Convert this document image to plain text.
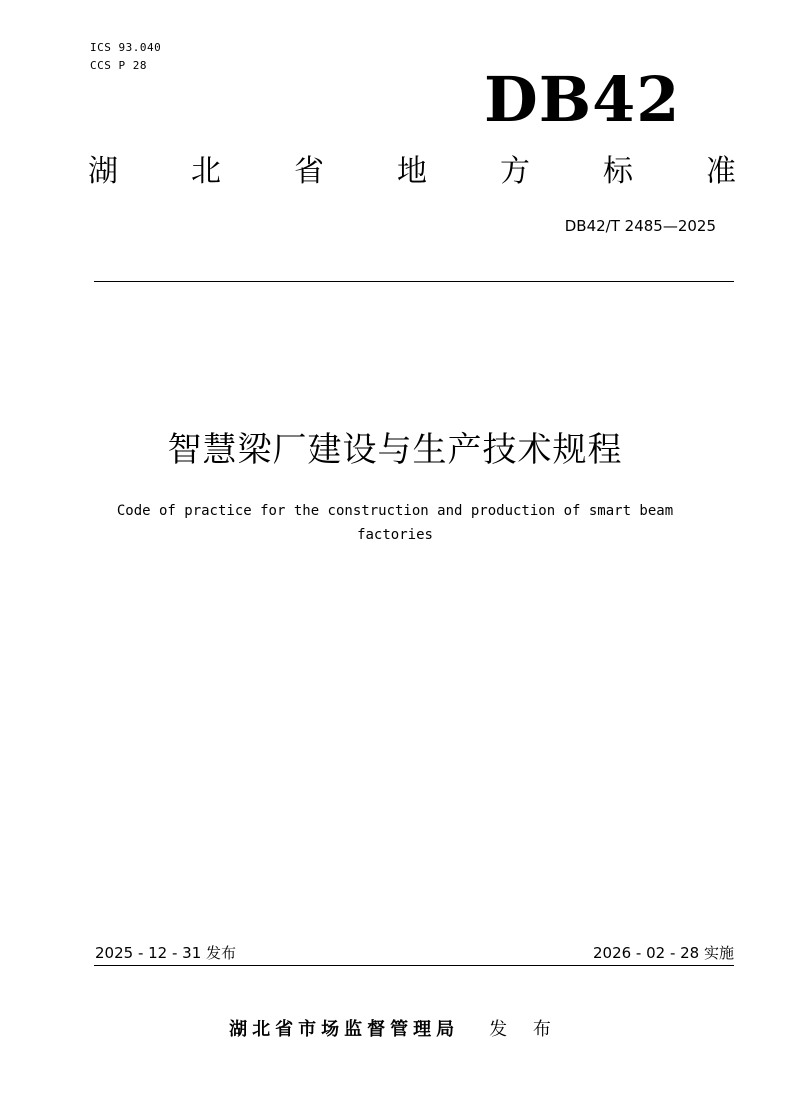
ICS 93.040
CCS P 28	DB42
湖 北 省 地 方 标 准
DB42/T 2485—2025
智慧梁厂建设与生产技术规程
Code of practice for the construction and production of smart beam factories
2025 - 12 - 31 发布	2026 - 02 - 28 实施
湖北省市场监督管理局 发 布
